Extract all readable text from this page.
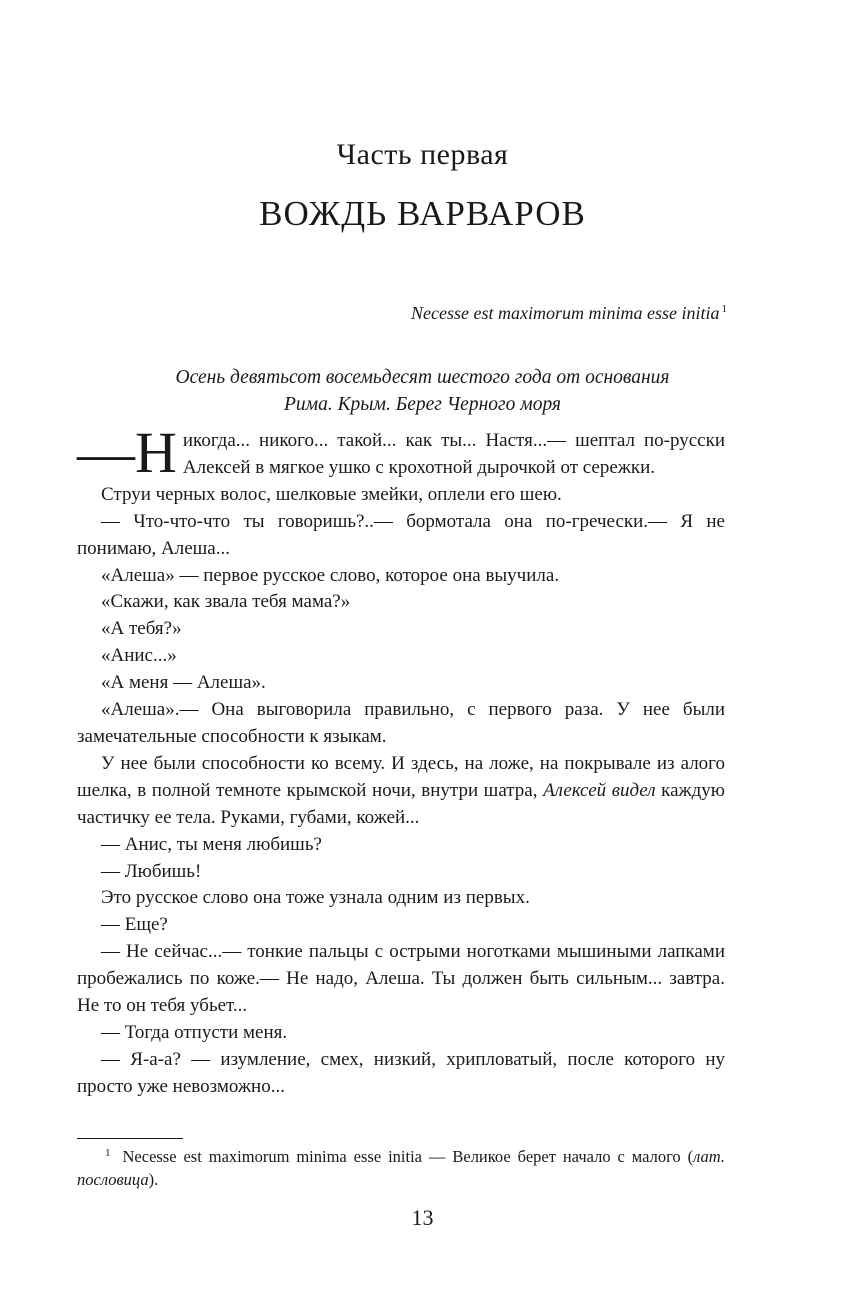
Часть первая
ВОЖДЬ ВАРВАРОВ
Necesse est maximorum minima esse initia $^1$
Осень девятьсот восемьдесят шестого года от основания
Рима. Крым. Берег Черного моря

—Н икогда... никого... такой... как ты... Настя...— шептал по-русски Алексей в мягкое ушко с крохотной дырочкой от сережки.

Струи черных волос, шелковые змейки, оплели его шею.

— Что-что-что ты говоришь?..— бормотала она по-гречески.— Я не понимаю, Алеша...

«Алеша» — первое русское слово, которое она выучила.

«Скажи, как звала тебя мама?»

«А тебя?»

«Анис...»

«А меня — Алеша».

«Алеша».— Она выговорила правильно, с первого раза. У нее были замечательные способности к языкам.

У нее были способности ко всему. И здесь, на ложе, на покрывале из алого шелка, в полной темноте крымской ночи, внутри шатра, Алексей видел каждую частичку ее тела. Руками, губами, кожей...

— Анис, ты меня любишь?

— Любишь!

Это русское слово она тоже узнала одним из первых.

— Еще?

— Не сейчас...— тонкие пальцы с острыми ноготками мышиными лапками пробежались по коже.— Не надо, Алеша. Ты должен быть сильным... завтра. Не то он тебя убьет...

— Тогда отпусти меня.

— Я-а-а? — изумление, смех, низкий, хрипловатый, после которого ну просто уже невозможно...

$^1$ Necesse est maximorum minima esse initia — Великое берет начало с малого (лат. пословица).
13
